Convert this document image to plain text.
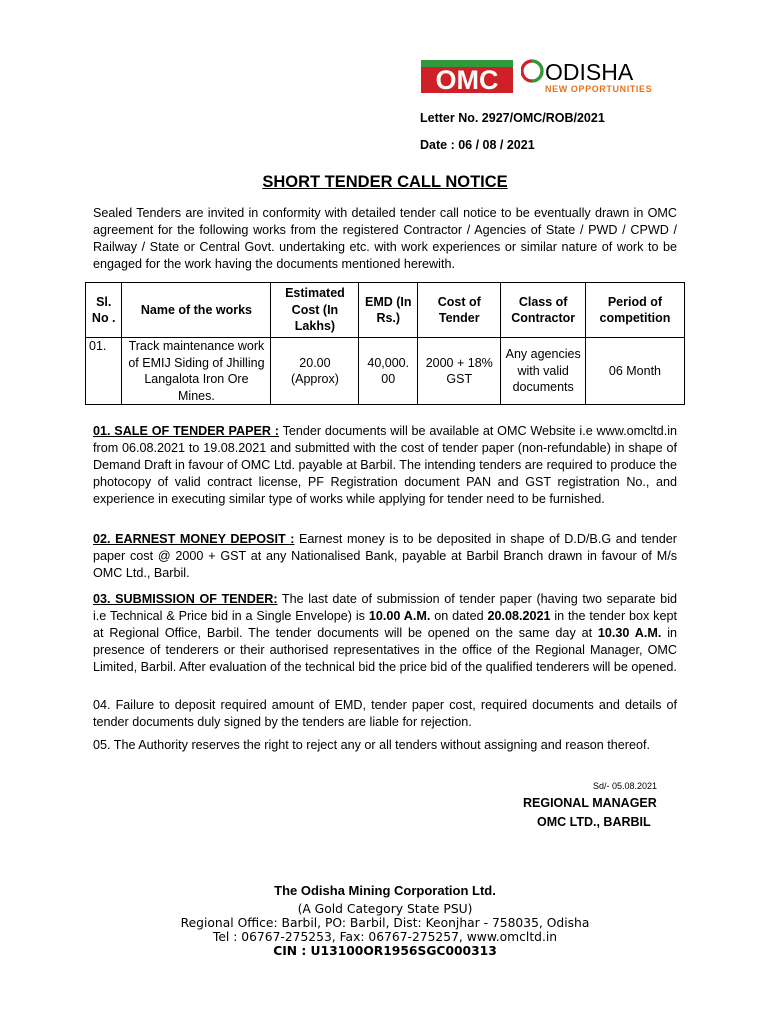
OMC ODISHA
NEW OPPORTUNITIES
Letter No. 2927/OMC/ROB/2021
Date : 06 / 08 / 2021
SHORT TENDER CALL NOTICE

Sealed Tenders are invited in conformity with detailed tender call notice to be eventually drawn in OMC agreement for the following works from the registered Contractor / Agencies of State / PWD / CPWD / Railway / State or Central Govt. undertaking etc. with work experiences or similar nature of work to be engaged for the work having the documents mentioned herewith.

Sl. No .	Name of the works	Estimated Cost (In Lakhs)	EMD (In Rs.)	Cost of Tender	Class of Contractor	Period of competition
01.	Track maintenance work of EMIJ Siding of Jhilling Langalota Iron Ore Mines.	20.00 (Approx)	40,000. 00	2000 + 18% GST	Any agencies with valid documents	06 Month

01. SALE OF TENDER PAPER : Tender documents will be available at OMC Website i.e www.omcltd.in from 06.08.2021 to 19.08.2021 and submitted with the cost of tender paper (non-refundable) in shape of Demand Draft in favour of OMC Ltd. payable at Barbil. The intending tenders are required to produce the photocopy of valid contract license, PF Registration document PAN and GST registration No., and experience in executing similar type of works while applying for tender need to be furnished.

02. EARNEST MONEY DEPOSIT : Earnest money is to be deposited in shape of D.D/B.G and tender paper cost @ 2000 + GST at any Nationalised Bank, payable at Barbil Branch drawn in favour of M/s OMC Ltd., Barbil.

03. SUBMISSION OF TENDER: The last date of submission of tender paper (having two separate bid i.e Technical & Price bid in a Single Envelope) is 10.00 A.M. on dated 20.08.2021 in the tender box kept at Regional Office, Barbil. The tender documents will be opened on the same day at 10.30 A.M. in presence of tenderers or their authorised representatives in the office of the Regional Manager, OMC Limited, Barbil. After evaluation of the technical bid the price bid of the qualified tenderers will be opened.

04. Failure to deposit required amount of EMD, tender paper cost, required documents and details of tender documents duly signed by the tenders are liable for rejection.

05. The Authority reserves the right to reject any or all tenders without assigning and reason thereof.

Sd/- 05.08.2021
REGIONAL MANAGER
OMC LTD., BARBIL
The Odisha Mining Corporation Ltd.
(A Gold Category State PSU)
Regional Office: Barbil, PO: Barbil, Dist: Keonjhar - 758035, Odisha
Tel : 06767-275253, Fax: 06767-275257, www.omcltd.in
CIN : U13100OR1956SGC000313
